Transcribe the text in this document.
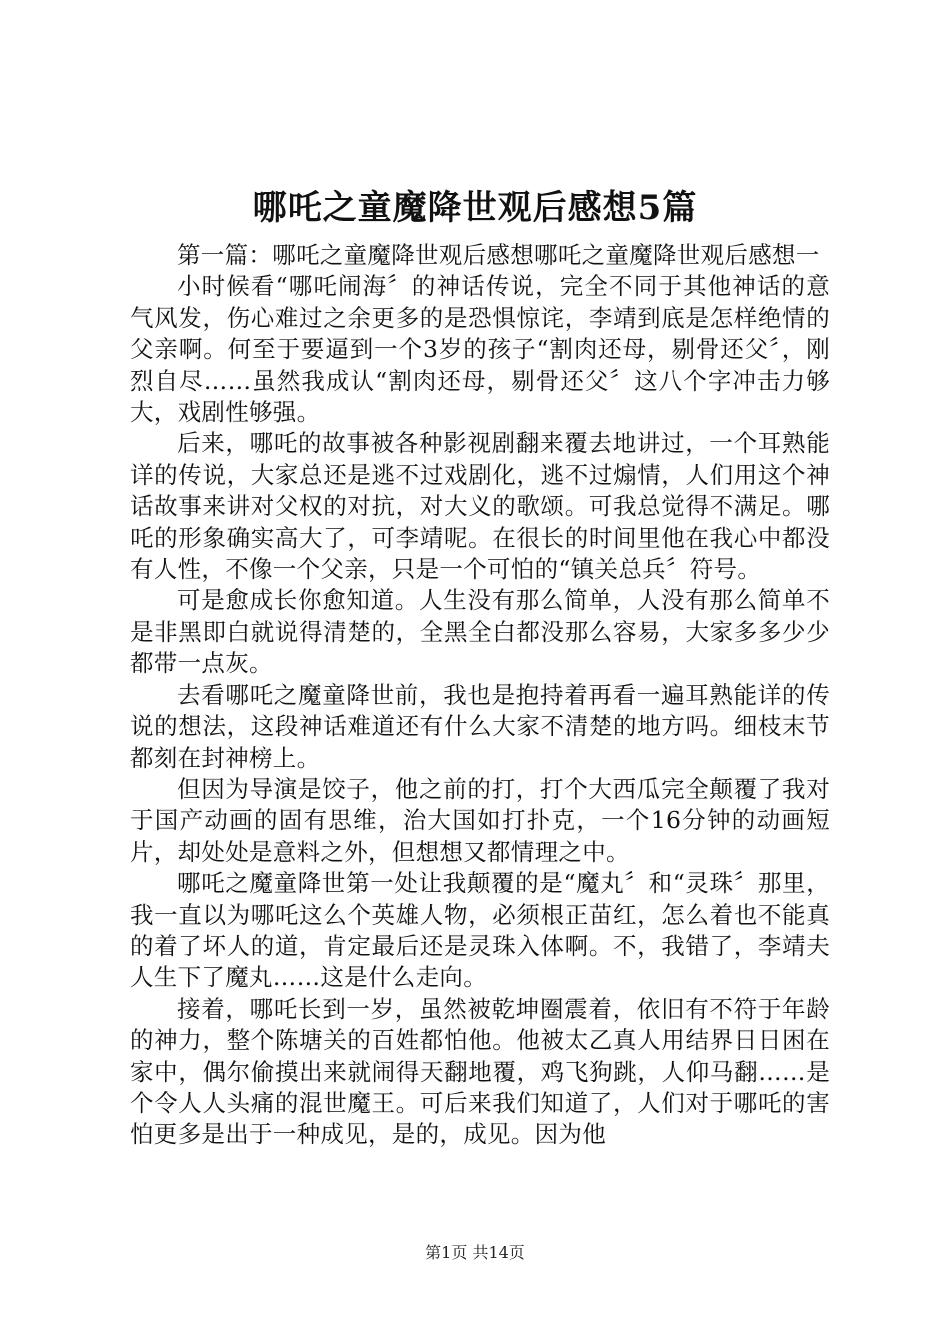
哪吒之童魔降世观后感想5篇

第一篇：哪吒之童魔降世观后感想哪吒之童魔降世观后感想一

小时候看“哪吒闹海〞的神话传说，完全不同于其他神话的意气风发，伤心难过之余更多的是恐惧惊诧，李靖到底是怎样绝情的父亲啊。何至于要逼到一个3岁的孩子“割肉还母，剔骨还父〞，刚烈自尽……虽然我成认“割肉还母，剔骨还父〞这八个字冲击力够大，戏剧性够强。

后来，哪吒的故事被各种影视剧翻来覆去地讲过，一个耳熟能详的传说，大家总还是逃不过戏剧化，逃不过煽情，人们用这个神话故事来讲对父权的对抗，对大义的歌颂。可我总觉得不满足。哪吒的形象确实高大了，可李靖呢。在很长的时间里他在我心中都没有人性，不像一个父亲，只是一个可怕的“镇关总兵〞符号。

可是愈成长你愈知道。人生没有那么简单，人没有那么简单不是非黑即白就说得清楚的，全黑全白都没那么容易，大家多多少少都带一点灰。

去看哪吒之魔童降世前，我也是抱持着再看一遍耳熟能详的传说的想法，这段神话难道还有什么大家不清楚的地方吗。细枝末节都刻在封神榜上。

但因为导演是饺子，他之前的打，打个大西瓜完全颠覆了我对于国产动画的固有思维，治大国如打扑克，一个16分钟的动画短片，却处处是意料之外，但想想又都情理之中。

哪吒之魔童降世第一处让我颠覆的是“魔丸〞和“灵珠〞那里，我一直以为哪吒这么个英雄人物，必须根正苗红，怎么着也不能真的着了坏人的道，肯定最后还是灵珠入体啊。不，我错了，李靖夫人生下了魔丸……这是什么走向。

接着，哪吒长到一岁，虽然被乾坤圈震着，依旧有不符于年龄的神力，整个陈塘关的百姓都怕他。他被太乙真人用结界日日困在家中，偶尔偷摸出来就闹得天翻地覆，鸡飞狗跳，人仰马翻……是个令人人头痛的混世魔王。可后来我们知道了，人们对于哪吒的害怕更多是出于一种成见，是的，成见。因为他

第1页 共14页
